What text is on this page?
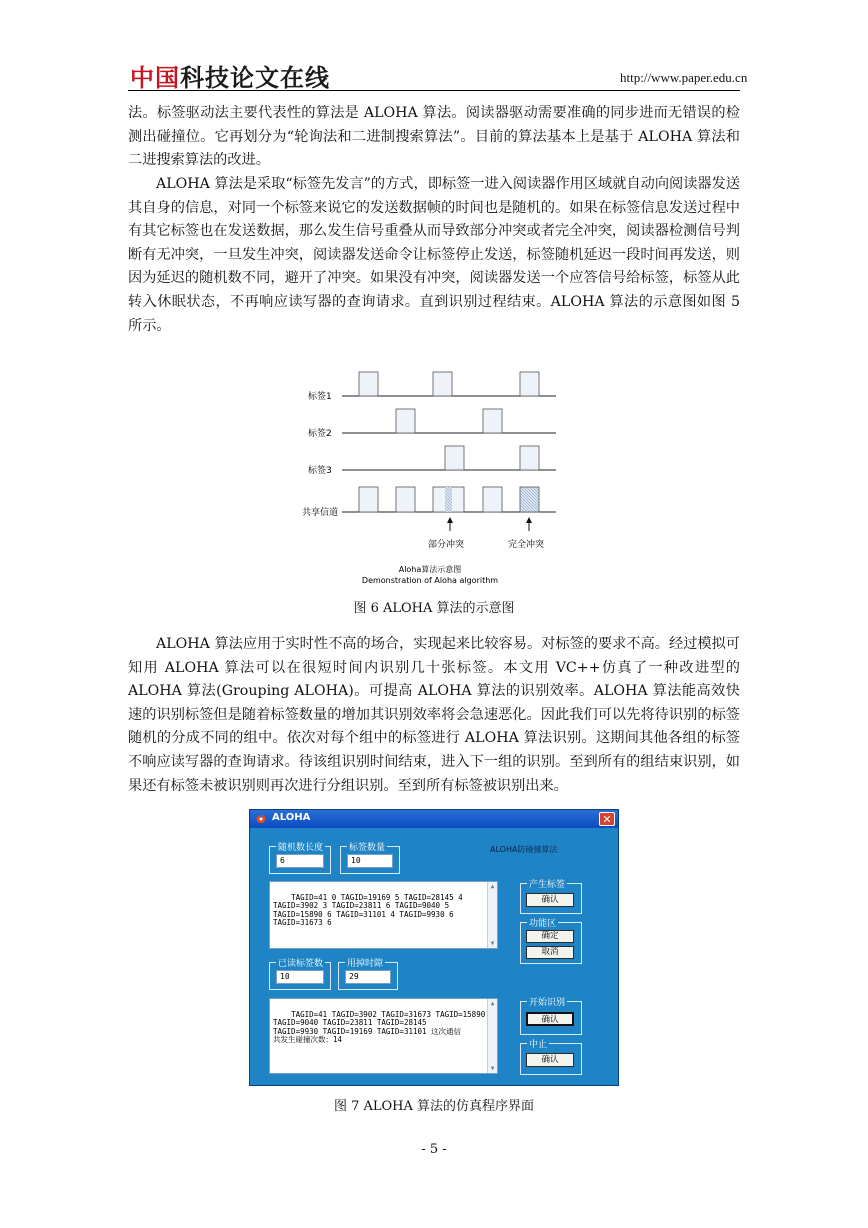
中国科技论文在线	http://www.paper.edu.cn

法。标签驱动法主要代表性的算法是 ALOHA 算法。阅读器驱动需要准确的同步进而无错误的检测出碰撞位。它再划分为“轮询法和二进制搜索算法”。目前的算法基本上是基于 ALOHA 算法和二进搜索算法的改进。

ALOHA 算法是采取“标签先发言”的方式，即标签一进入阅读器作用区域就自动向阅读器发送其自身的信息，对同一个标签来说它的发送数据帧的时间也是随机的。如果在标签信息发送过程中有其它标签也在发送数据，那么发生信号重叠从而导致部分冲突或者完全冲突，阅读器检测信号判断有无冲突，一旦发生冲突，阅读器发送命令让标签停止发送，标签随机延迟一段时间再发送，则因为延迟的随机数不同，避开了冲突。如果没有冲突，阅读器发送一个应答信号给标签，标签从此转入休眠状态，不再响应读写器的查询请求。直到识别过程结束。ALOHA 算法的示意图如图 5 所示。

标签1
标签2
标签3
共享信道
部分冲突	完全冲突
Aloha算法示意图
Demonstration of Aloha algorithm
图 6 ALOHA 算法的示意图

ALOHA 算法应用于实时性不高的场合，实现起来比较容易。对标签的要求不高。经过模拟可知用 ALOHA 算法可以在很短时间内识别几十张标签。本文用 VC++仿真了一种改进型的 ALOHA 算法(Grouping ALOHA)。可提高 ALOHA 算法的识别效率。ALOHA 算法能高效快速的识别标签但是随着标签数量的增加其识别效率将会急速恶化。因此我们可以先将待识别的标签随机的分成不同的组中。依次对每个组中的标签进行 ALOHA 算法识别。这期间其他各组的标签不响应读写器的查询请求。待该组识别时间结束，进入下一组的识别。至到所有的组结束识别，如果还有标签未被识别则再次进行分组识别。至到所有标签被识别出来。

ALOHA	✕
随机数长度
6
标签数量
10
ALOHA防碰撞算法

TAGID=41 0 TAGID=19169 5 TAGID=28145 4
TAGID=3902 3 TAGID=23811 6 TAGID=9040 5
TAGID=15890 6 TAGID=31101 4 TAGID=9930 6
TAGID=31673 6

▲
▼

产生标签
确认
功能区
确定
取消
已读标签数
10
用掉时隙
29

TAGID=41 TAGID=3902 TAGID=31673 TAGID=15890
TAGID=9040 TAGID=23811 TAGID=28145
TAGID=9930 TAGID=19169 TAGID=31101 这次通信
共发生碰撞次数：14

▲
▼

开始识别
确认
中止
确认
图 7 ALOHA 算法的仿真程序界面
- 5 -
